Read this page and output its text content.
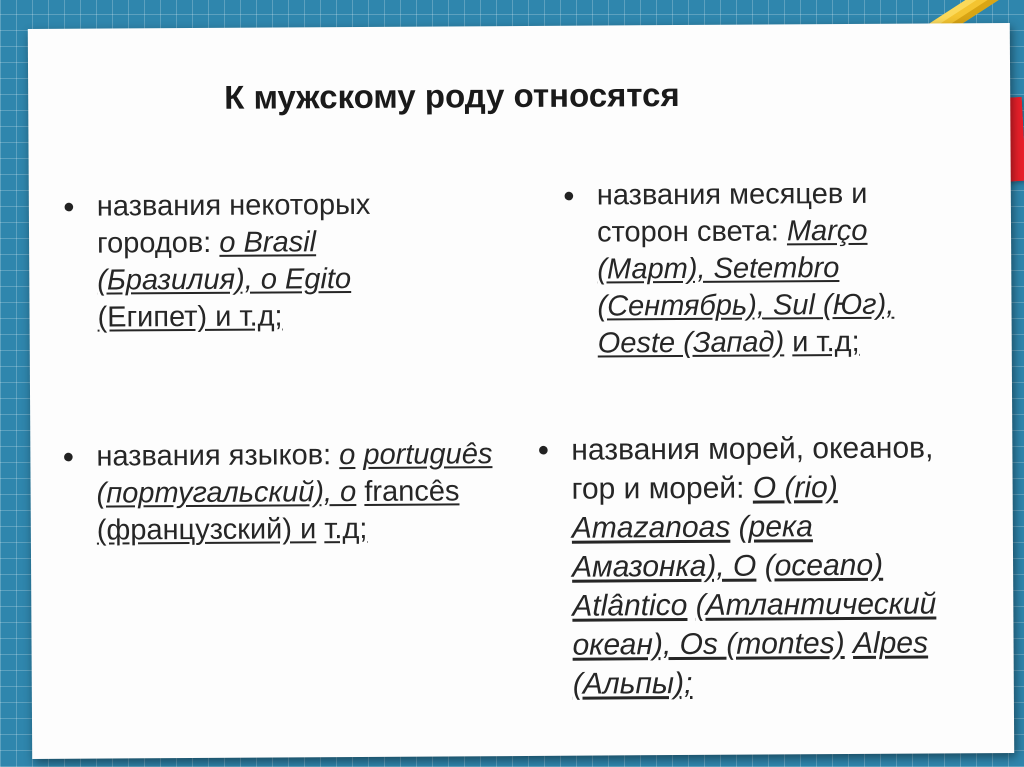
К мужскому роду относятся
● названия некоторых городов: o Brasil (Бразилия), o Egito (Египет) и т.д;
● названия месяцев и сторон света: Março (Март), Setembro (Сентябрь), Sul (Юг), Oeste (Запад) и т.д;
● названия языков: o português (португальский), o francês (французский) и т.д;
● названия морей, океанов, гор и морей: O (rio) Amazanoas (река Амазонка), O (oceano) Atlântico (Атлантический океан), Os (montes) Alpes (Альпы);
